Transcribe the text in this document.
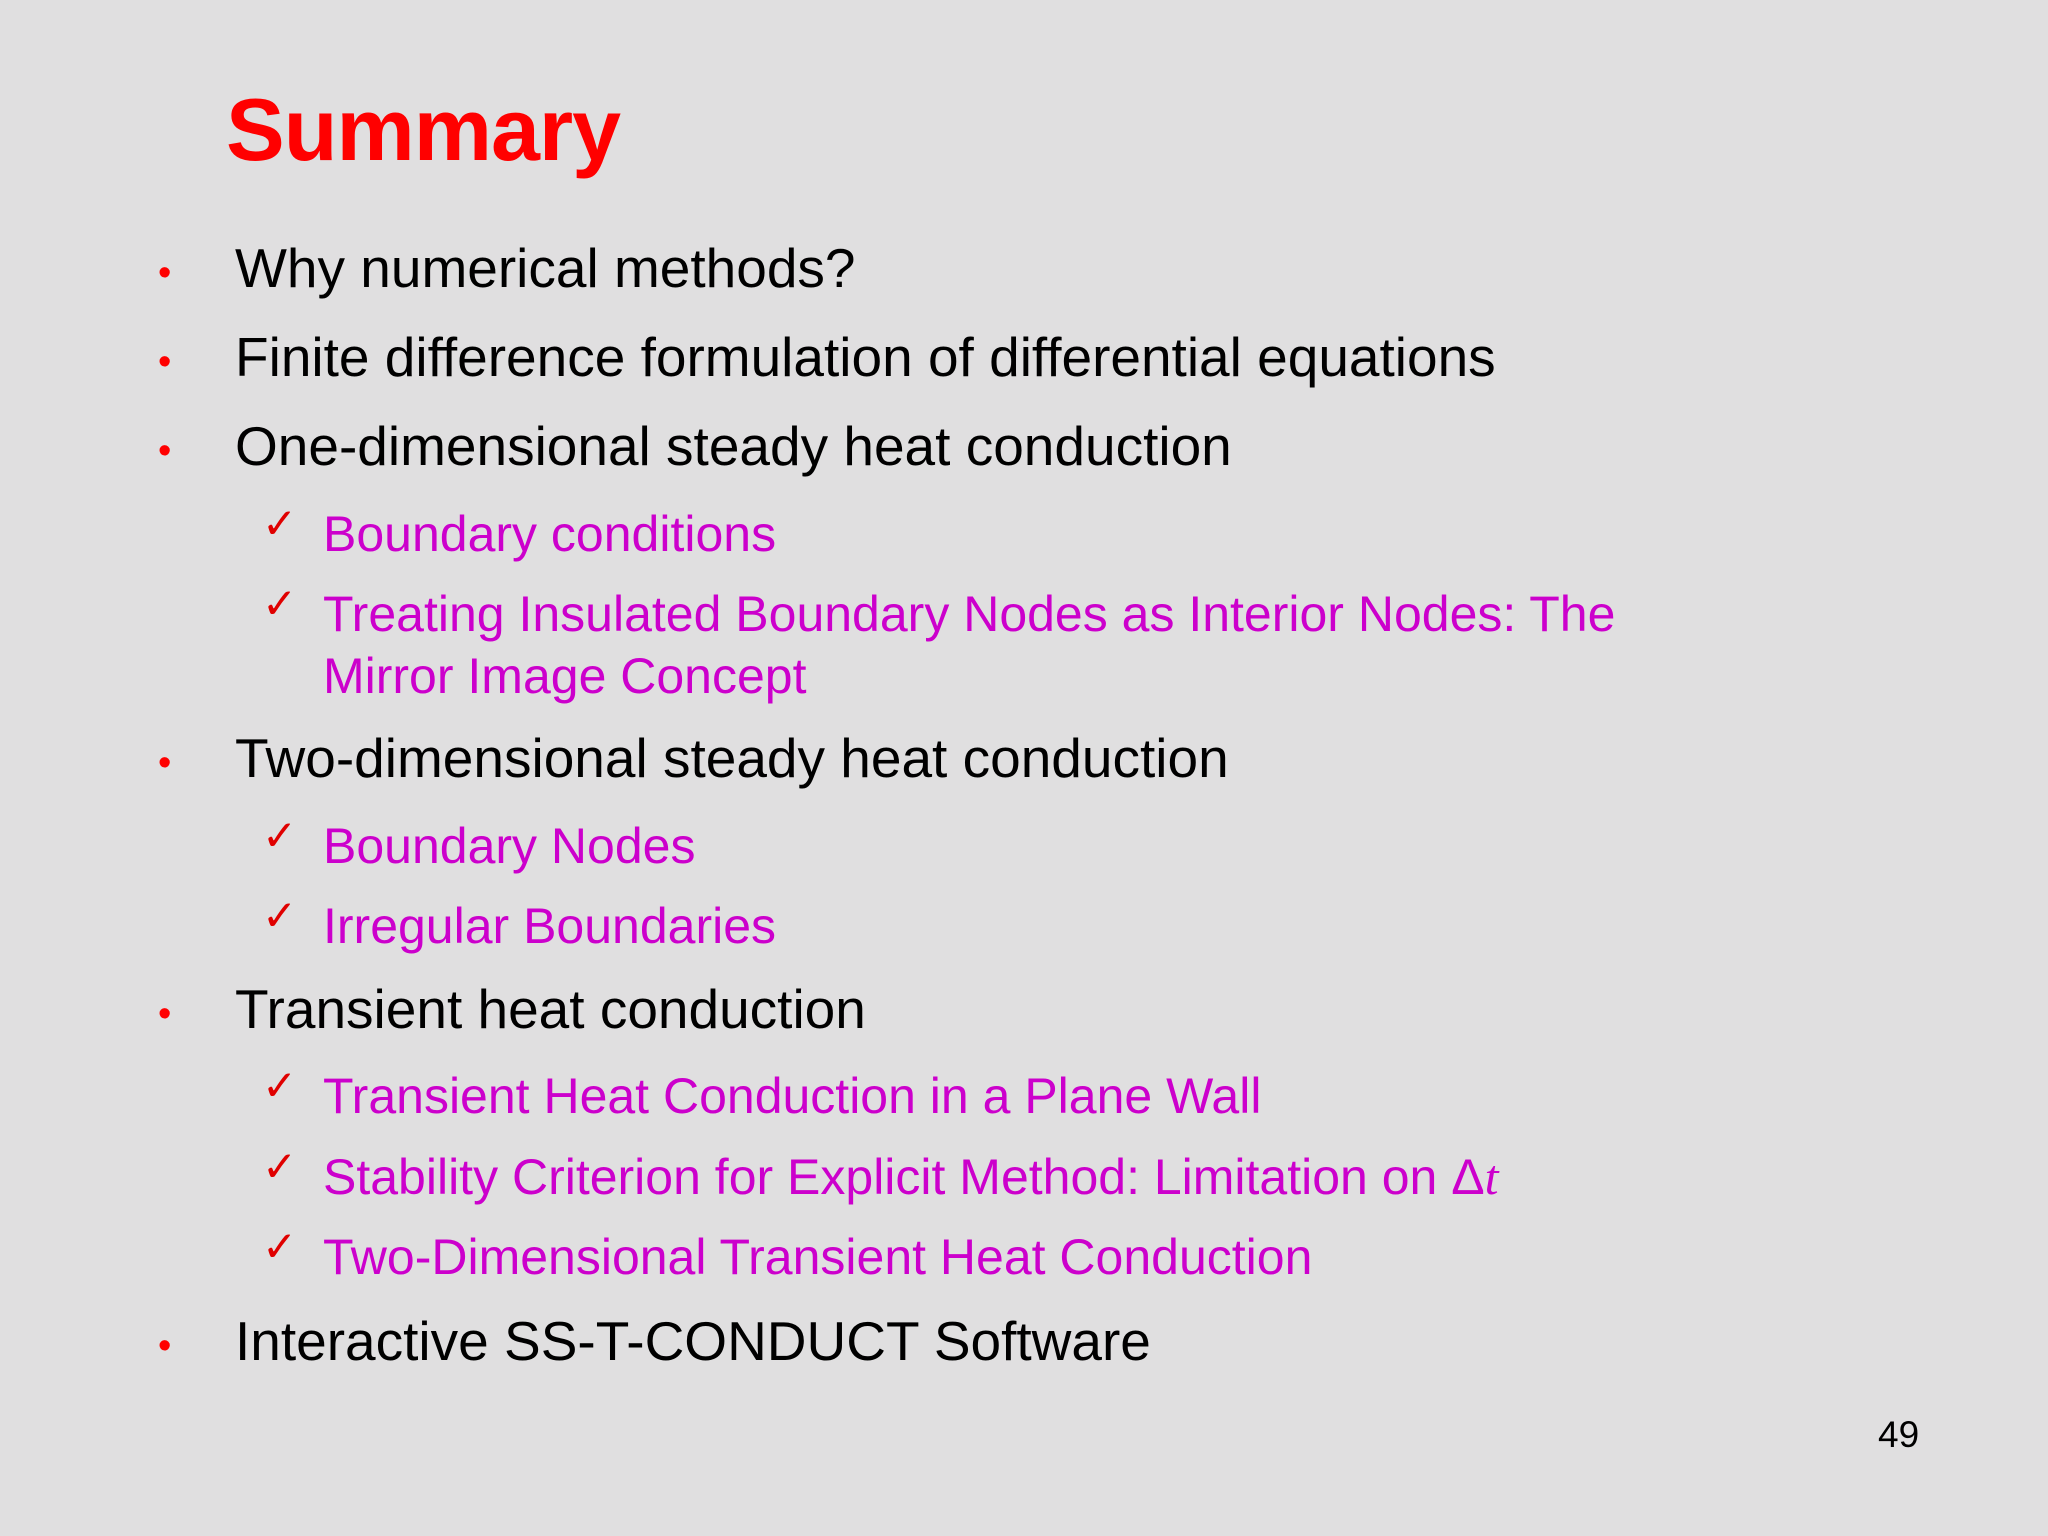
Summary
• Why numerical methods?
• Finite difference formulation of differential equations
• One-dimensional steady heat conduction
✓ Boundary conditions
✓ Treating Insulated Boundary Nodes as Interior Nodes: The Mirror Image Concept
• Two-dimensional steady heat conduction
✓ Boundary Nodes
✓ Irregular Boundaries
• Transient heat conduction
✓ Transient Heat Conduction in a Plane Wall
✓ Stability Criterion for Explicit Method: Limitation on Δt
✓ Two-Dimensional Transient Heat Conduction
• Interactive SS-T-CONDUCT Software
49
